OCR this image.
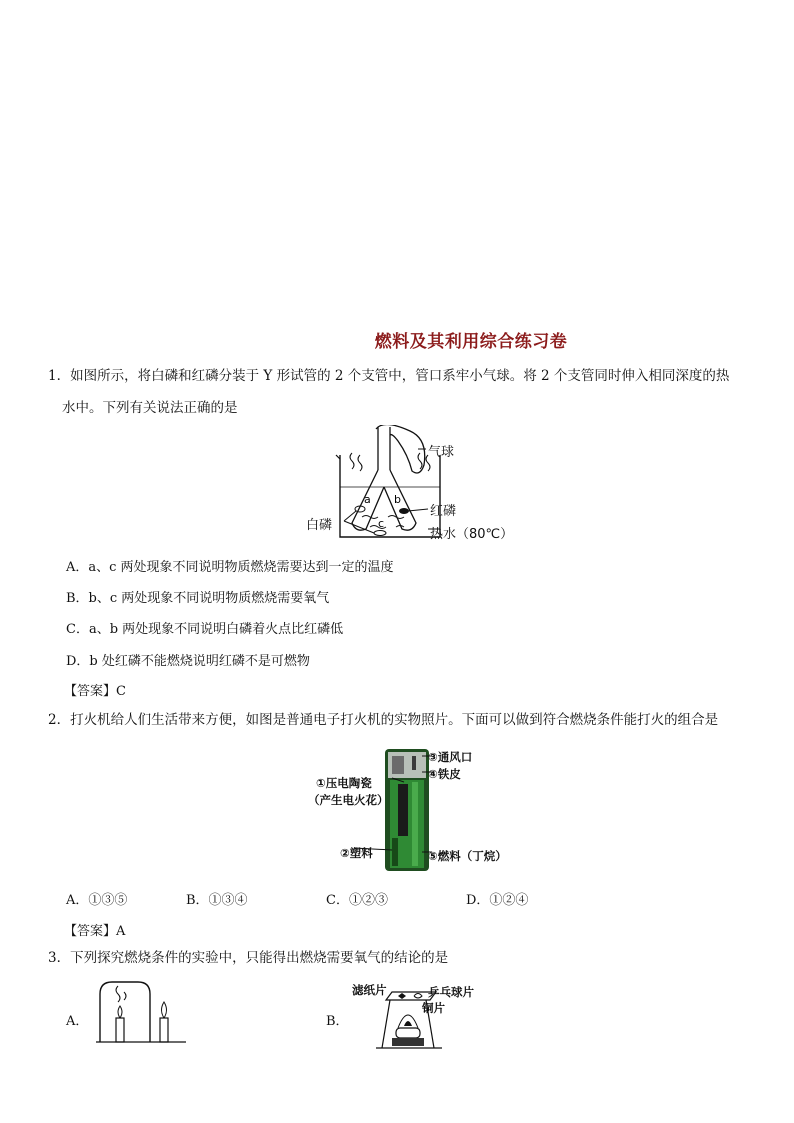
燃料及其利用综合练习卷
1．如图所示，将白磷和红磷分装于 Y 形试管的 2 个支管中，管口系牢小气球。将 2 个支管同时伸入相同深度的热
水中。下列有关说法正确的是
a b
c
气球
红磷
白磷
热水（80℃）
A．a、c 两处现象不同说明物质燃烧需要达到一定的温度
B．b、c 两处现象不同说明物质燃烧需要氧气
C．a、b 两处现象不同说明白磷着火点比红磷低
D．b 处红磷不能燃烧说明红磷不是可燃物
【答案】C
2．打火机给人们生活带来方便，如图是普通电子打火机的实物照片。下面可以做到符合燃烧条件能打火的组合是
③通风口
④铁皮
①压电陶瓷
（产生电火花）
②塑料	⑤燃料（丁烷）
A．①③⑤	B．①③④	C．①②③	D．①②④
【答案】A
3．下列探究燃烧条件的实验中，只能得出燃烧需要氧气的结论的是
A．	B．
滤纸片	乒乓球片
铜片
